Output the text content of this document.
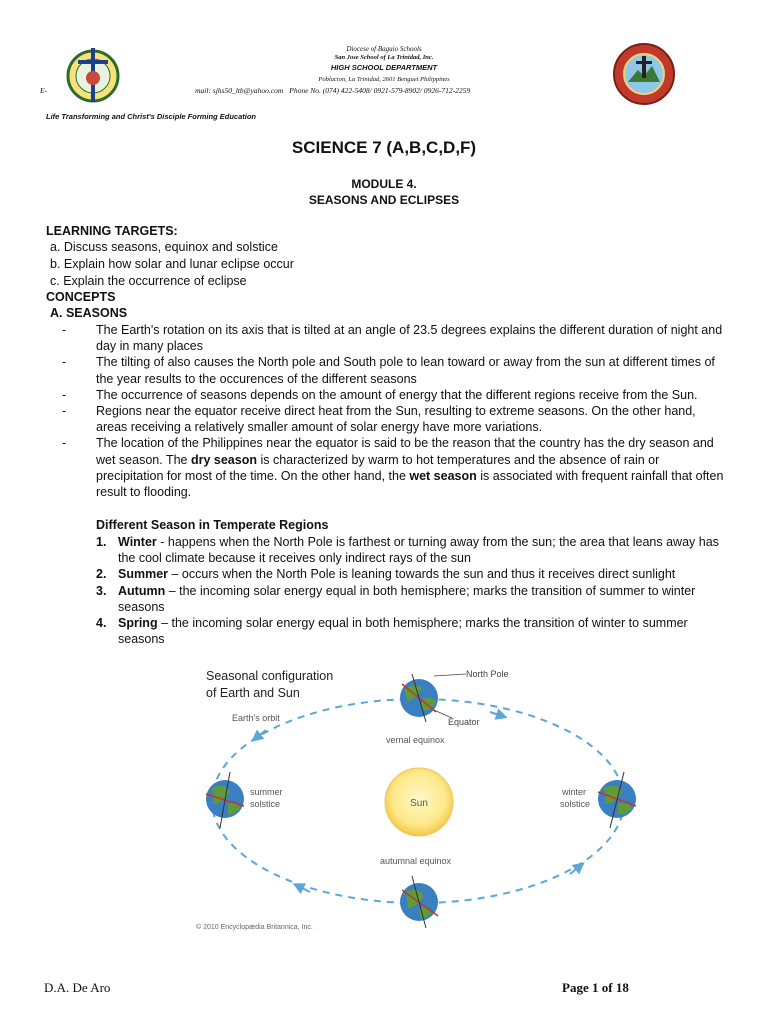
Diocese of Baguio Schools
San Jose School of La Trinidad, Inc.
HIGH SCHOOL DEPARTMENT
Poblacion, La Trinidad, 2601 Benguet Philippines
E-	mail: sjhs50_ltb@yahoo.com Phone No. (074) 422-5408/ 0921-579-8902/ 0926-712-2259
Life Transforming and Christ's Disciple Forming Education
SCIENCE 7 (A,B,C,D,F)
MODULE 4.
SEASONS AND ECLIPSES
LEARNING TARGETS:
a. Discuss seasons, equinox and solstice
b. Explain how solar and lunar eclipse occur
c. Explain the occurrence of eclipse
CONCEPTS
A. SEASONS
-	The Earth's rotation on its axis that is tilted at an angle of 23.5 degrees explains the different duration of night and day in many places
-	The tilting of also causes the North pole and South pole to lean toward or away from the sun at different times of the year results to the occurences of the different seasons
-	The occurrence of seasons depends on the amount of energy that the different regions receive from the Sun.
-	Regions near the equator receive direct heat from the Sun, resulting to extreme seasons. On the other hand, areas receiving a relatively smaller amount of solar energy have more variations.
-	The location of the Philippines near the equator is said to be the reason that the country has the dry season and wet season. The dry season is characterized by warm to hot temperatures and the absence of rain or precipitation for most of the time. On the other hand, the wet season is associated with frequent rainfall that often result to flooding.
Different Season in Temperate Regions
1. Winter - happens when the North Pole is farthest or turning away from the sun; the area that leans away has the cool climate because it receives only indirect rays of the sun
2. Summer – occurs when the North Pole is leaning towards the sun and thus it receives direct sunlight
3. Autumn – the incoming solar energy equal in both hemisphere; marks the transition of summer to winter seasons
4. Spring – the incoming solar energy equal in both hemisphere; marks the transition of winter to summer seasons
Sun
Seasonal configuration
of Earth and Sun
Earth's orbit
North Pole
Equator
vernal equinox
summer
solstice
winter
solstice
autumnal equinox
© 2010 Encyclopædia Britannica, Inc.
D.A. De Aro	Page 1 of 18
